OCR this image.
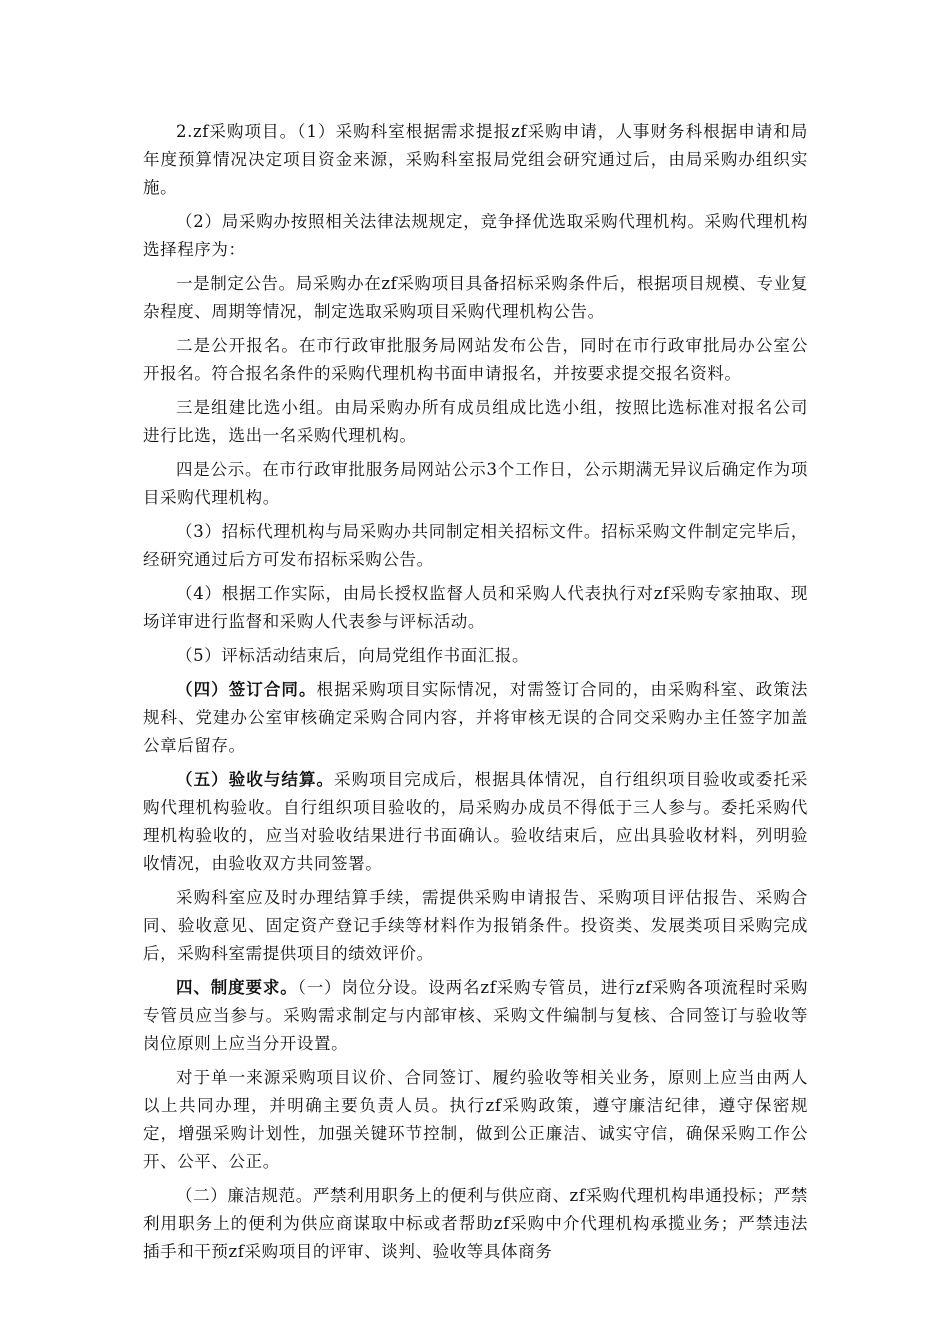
2.zf采购项目。（1）采购科室根据需求提报zf采购申请，人事财务科根据申请和局年度预算情况决定项目资金来源，采购科室报局党组会研究通过后，由局采购办组织实施。

（2）局采购办按照相关法律法规规定，竞争择优选取采购代理机构。采购代理机构选择程序为：

一是制定公告。局采购办在zf采购项目具备招标采购条件后，根据项目规模、专业复杂程度、周期等情况，制定选取采购项目采购代理机构公告。

二是公开报名。在市行政审批服务局网站发布公告，同时在市行政审批局办公室公开报名。符合报名条件的采购代理机构书面申请报名，并按要求提交报名资料。

三是组建比选小组。由局采购办所有成员组成比选小组，按照比选标准对报名公司进行比选，选出一名采购代理机构。

四是公示。在市行政审批服务局网站公示3个工作日，公示期满无异议后确定作为项目采购代理机构。

（3）招标代理机构与局采购办共同制定相关招标文件。招标采购文件制定完毕后，经研究通过后方可发布招标采购公告。

（4）根据工作实际，由局长授权监督人员和采购人代表执行对zf采购专家抽取、现场详审进行监督和采购人代表参与评标活动。

（5）评标活动结束后，向局党组作书面汇报。

（四）签订合同。根据采购项目实际情况，对需签订合同的，由采购科室、政策法规科、党建办公室审核确定采购合同内容，并将审核无误的合同交采购办主任签字加盖公章后留存。

（五）验收与结算。采购项目完成后，根据具体情况，自行组织项目验收或委托采购代理机构验收。自行组织项目验收的，局采购办成员不得低于三人参与。委托采购代理机构验收的，应当对验收结果进行书面确认。验收结束后，应出具验收材料，列明验收情况，由验收双方共同签署。

采购科室应及时办理结算手续，需提供采购申请报告、采购项目评估报告、采购合同、验收意见、固定资产登记手续等材料作为报销条件。投资类、发展类项目采购完成后，采购科室需提供项目的绩效评价。

四、制度要求。（一）岗位分设。设两名zf采购专管员，进行zf采购各项流程时采购专管员应当参与。采购需求制定与内部审核、采购文件编制与复核、合同签订与验收等岗位原则上应当分开设置。

对于单一来源采购项目议价、合同签订、履约验收等相关业务，原则上应当由两人以上共同办理，并明确主要负责人员。执行zf采购政策，遵守廉洁纪律，遵守保密规定，增强采购计划性，加强关键环节控制，做到公正廉洁、诚实守信，确保采购工作公开、公平、公正。

（二）廉洁规范。严禁利用职务上的便利与供应商、zf采购代理机构串通投标；严禁利用职务上的便利为供应商谋取中标或者帮助zf采购中介代理机构承揽业务；严禁违法插手和干预zf采购项目的评审、谈判、验收等具体商务
